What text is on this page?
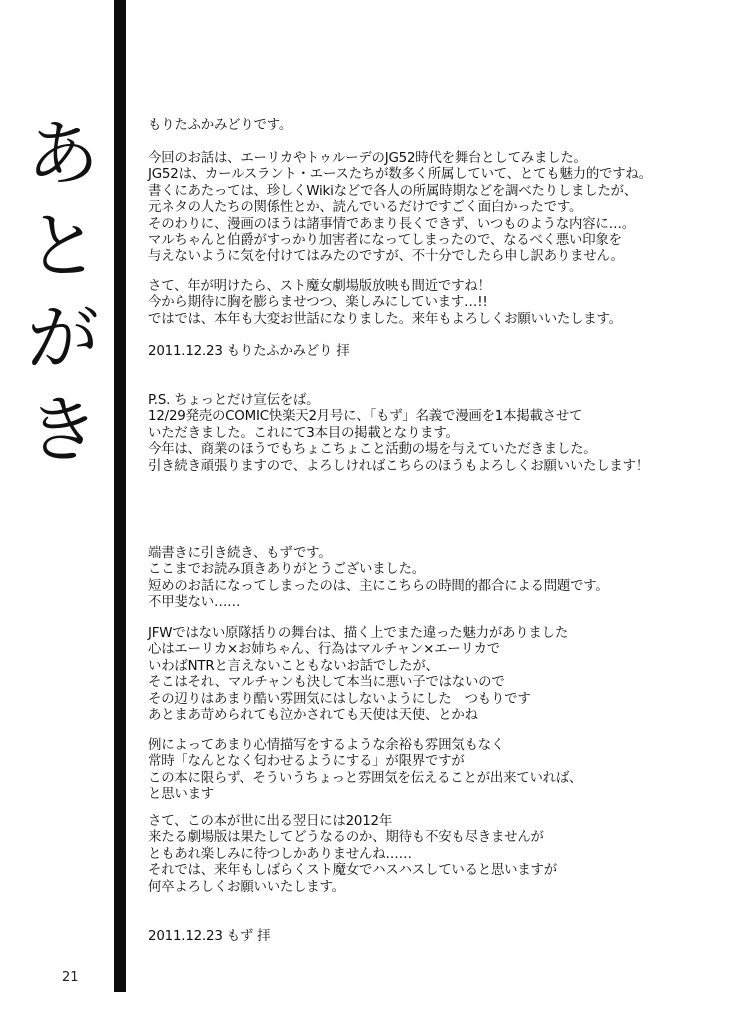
あ
と
が
き
もりたふかみどりです。
今回のお話は、エーリカやトゥルーデのJG52時代を舞台としてみました。
JG52は、カールスラント・エースたちが数多く所属していて、とても魅力的ですね。
書くにあたっては、珍しくWikiなどで各人の所属時期などを調べたりしましたが、
元ネタの人たちの関係性とか、読んでいるだけですごく面白かったです。
そのわりに、漫画のほうは諸事情であまり長くできず、いつものような内容に…。
マルちゃんと伯爵がすっかり加害者になってしまったので、なるべく悪い印象を
与えないように気を付けてはみたのですが、不十分でしたら申し訳ありません。
さて、年が明けたら、スト魔女劇場版放映も間近ですね！
今から期待に胸を膨らませつつ、楽しみにしています…!!
ではでは、本年も大変お世話になりました。来年もよろしくお願いいたします。
2011.12.23 もりたふかみどり 拝
P.S. ちょっとだけ宣伝をば。
12/29発売のCOMIC快楽天2月号に、「もず」名義で漫画を1本掲載させて
いただきました。これにて3本目の掲載となります。
今年は、商業のほうでもちょこちょこと活動の場を与えていただきました。
引き続き頑張りますので、よろしければこちらのほうもよろしくお願いいたします！
端書きに引き続き、もずです。
ここまでお読み頂きありがとうございました。
短めのお話になってしまったのは、主にこちらの時間的都合による問題です。
不甲斐ない……
JFWではない原隊括りの舞台は、描く上でまた違った魅力がありました
心はエーリカ×お姉ちゃん、行為はマルチャン×エーリカで
いわばNTRと言えないこともないお話でしたが、
そこはそれ、マルチャンも決して本当に悪い子ではないので
その辺りはあまり酷い雰囲気にはしないようにした　つもりです
あとまあ苛められても泣かされても天使は天使、とかね
例によってあまり心情描写をするような余裕も雰囲気もなく
常時「なんとなく匂わせるようにする」が限界ですが
この本に限らず、そういうちょっと雰囲気を伝えることが出来ていれば、
と思います
さて、この本が世に出る翌日には2012年
来たる劇場版は果たしてどうなるのか、期待も不安も尽きませんが
ともあれ楽しみに待つしかありませんね……
それでは、来年もしばらくスト魔女でハスハスしていると思いますが
何卒よろしくお願いいたします。
2011.12.23 もず 拝
21
